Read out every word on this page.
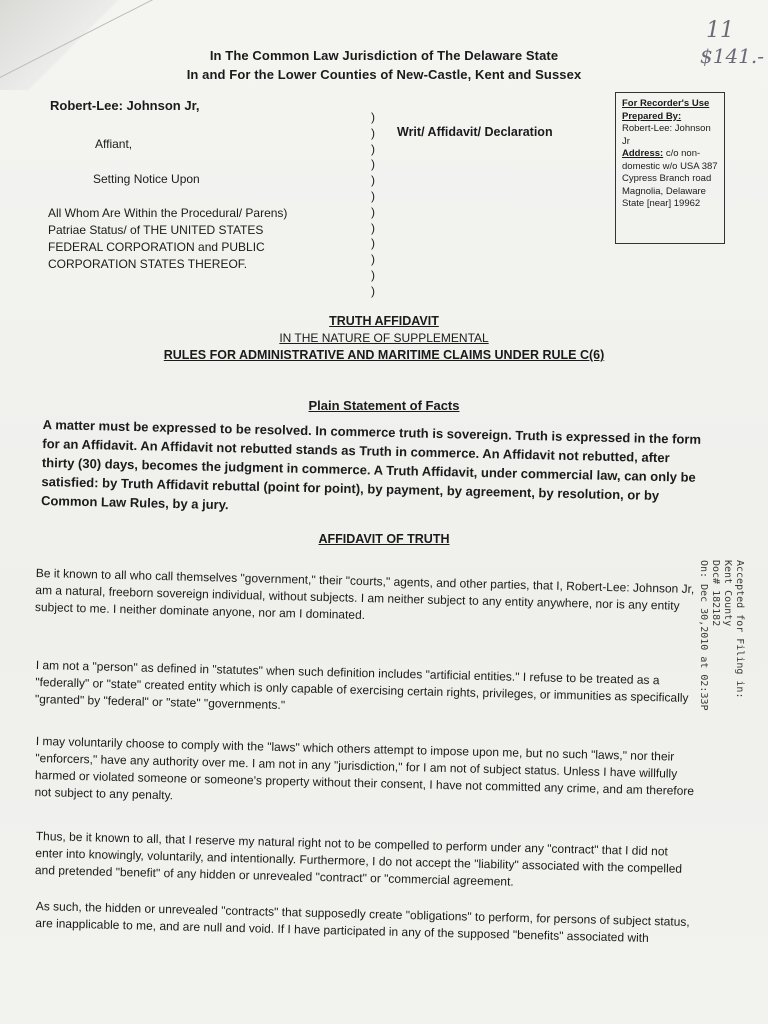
11
$141.-
In The Common Law Jurisdiction of The Delaware State
In and For the Lower Counties of New-Castle, Kent and Sussex
Robert-Lee: Johnson Jr,
Affiant,
Setting Notice Upon
All Whom Are Within the Procedural/ Parens) Patriae Status/ of THE UNITED STATES FEDERAL CORPORATION and PUBLIC CORPORATION STATES THEREOF.
)
)
)
)
)
)
)
)
)
)
)
)
Writ/ Affidavit/ Declaration
For Recorder's Use
Prepared By:
Robert-Lee: Johnson Jr
Address: c/o non-domestic w/o USA 387 Cypress Branch road Magnolia, Delaware State [near] 19962
TRUTH AFFIDAVIT
IN THE NATURE OF SUPPLEMENTAL
RULES FOR ADMINISTRATIVE AND MARITIME CLAIMS UNDER RULE C(6)
Plain Statement of Facts
A matter must be expressed to be resolved. In commerce truth is sovereign. Truth is expressed in the form for an Affidavit. An Affidavit not rebutted stands as Truth in commerce. An Affidavit not rebutted, after thirty (30) days, becomes the judgment in commerce. A Truth Affidavit, under commercial law, can only be satisfied: by Truth Affidavit rebuttal (point for point), by payment, by agreement, by resolution, or by Common Law Rules, by a jury.
AFFIDAVIT OF TRUTH
Be it known to all who call themselves "government," their "courts," agents, and other parties, that I, Robert-Lee: Johnson Jr, am a natural, freeborn sovereign individual, without subjects. I am neither subject to any entity anywhere, nor is any entity subject to me. I neither dominate anyone, nor am I dominated.
I am not a "person" as defined in "statutes" when such definition includes "artificial entities." I refuse to be treated as a "federally" or "state" created entity which is only capable of exercising certain rights, privileges, or immunities as specifically "granted" by "federal" or "state" "governments."
I may voluntarily choose to comply with the "laws" which others attempt to impose upon me, but no such "laws," nor their "enforcers," have any authority over me. I am not in any "jurisdiction," for I am not of subject status. Unless I have willfully harmed or violated someone or someone's property without their consent, I have not committed any crime, and am therefore not subject to any penalty.
Thus, be it known to all, that I reserve my natural right not to be compelled to perform under any "contract" that I did not enter into knowingly, voluntarily, and intentionally. Furthermore, I do not accept the "liability" associated with the compelled and pretended "benefit" of any hidden or unrevealed "contract" or "commercial agreement.
As such, the hidden or unrevealed "contracts" that supposedly create "obligations" to perform, for persons of subject status, are inapplicable to me, and are null and void. If I have participated in any of the supposed "benefits" associated with
Accepted for Filing in:
Kent County
Doc# 182182
On: Dec 30,2010 at 02:33P
